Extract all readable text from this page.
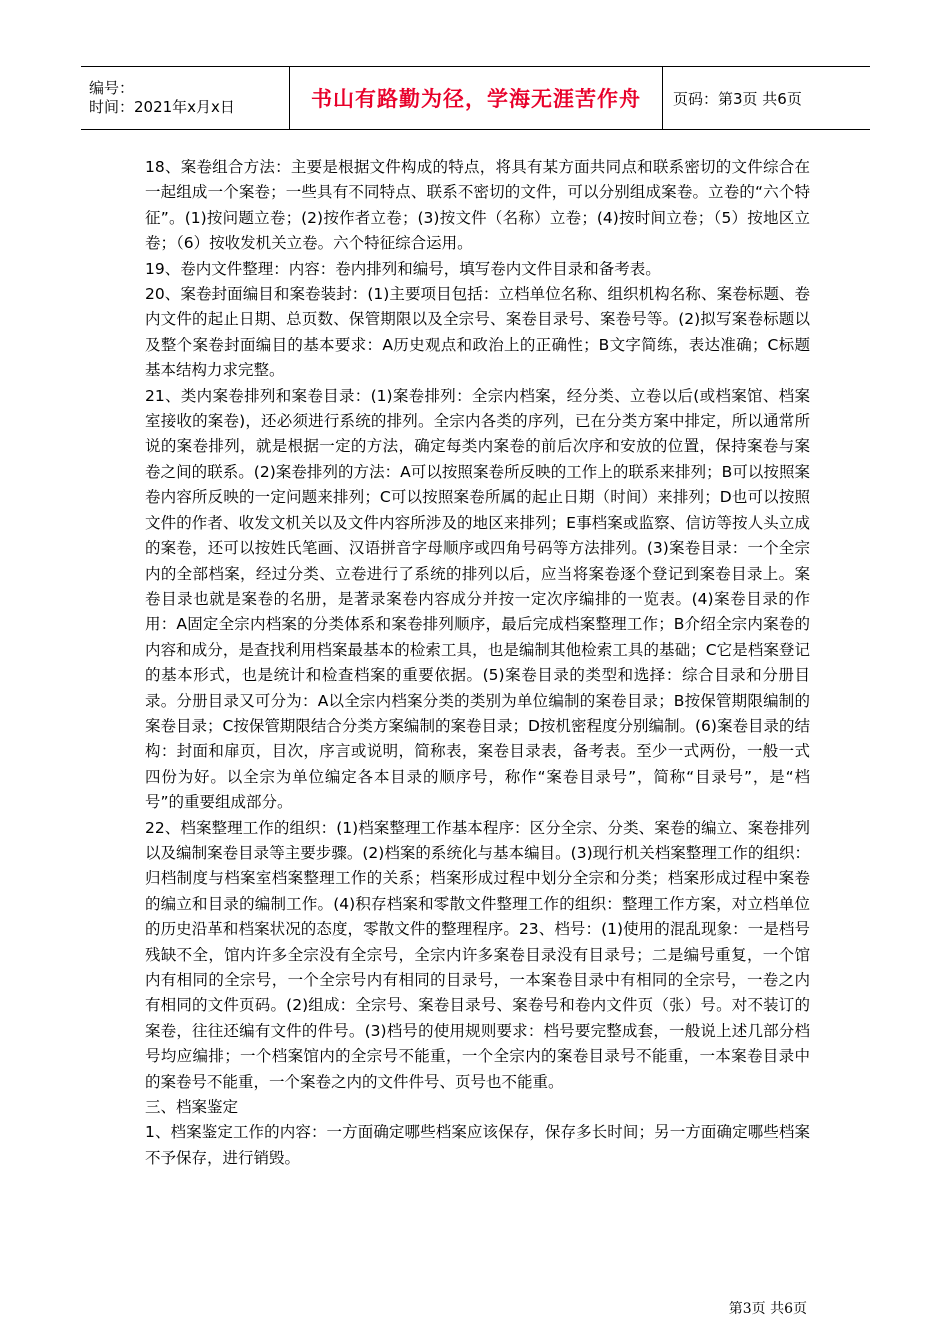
编号：
时间：2021年x月x日	书山有路勤为径，学海无涯苦作舟	页码：第3页 共6页

18、案卷组合方法：主要是根据文件构成的特点，将具有某方面共同点和联系密切的文件综合在一起组成一个案卷；一些具有不同特点、联系不密切的文件，可以分别组成案卷。立卷的“六个特征”。(1)按问题立卷；(2)按作者立卷；(3)按文件（名称）立卷；(4)按时间立卷；（5）按地区立卷；（6）按收发机关立卷。六个特征综合运用。

19、卷内文件整理：内容：卷内排列和编号，填写卷内文件目录和备考表。

20、案卷封面编目和案卷装封：(1)主要项目包括：立档单位名称、组织机构名称、案卷标题、卷内文件的起止日期、总页数、保管期限以及全宗号、案卷目录号、案卷号等。(2)拟写案卷标题以及整个案卷封面编目的基本要求：A历史观点和政治上的正确性；B文字简练，表达准确；C标题基本结构力求完整。

21、类内案卷排列和案卷目录：(1)案卷排列：全宗内档案，经分类、立卷以后(或档案馆、档案室接收的案卷)，还必须进行系统的排列。全宗内各类的序列，已在分类方案中排定，所以通常所说的案卷排列，就是根据一定的方法，确定每类内案卷的前后次序和安放的位置，保持案卷与案卷之间的联系。(2)案卷排列的方法：A可以按照案卷所反映的工作上的联系来排列；B可以按照案卷内容所反映的一定问题来排列；C可以按照案卷所属的起止日期（时间）来排列；D也可以按照文件的作者、收发文机关以及文件内容所涉及的地区来排列；E事档案或监察、信访等按人头立成的案卷，还可以按姓氏笔画、汉语拼音字母顺序或四角号码等方法排列。(3)案卷目录：一个全宗内的全部档案，经过分类、立卷进行了系统的排列以后，应当将案卷逐个登记到案卷目录上。案卷目录也就是案卷的名册，是著录案卷内容成分并按一定次序编排的一览表。(4)案卷目录的作用：A固定全宗内档案的分类体系和案卷排列顺序，最后完成档案整理工作；B介绍全宗内案卷的内容和成分，是查找利用档案最基本的检索工具，也是编制其他检索工具的基础；C它是档案登记的基本形式，也是统计和检查档案的重要依据。(5)案卷目录的类型和选择：综合目录和分册目录。分册目录又可分为：A以全宗内档案分类的类别为单位编制的案卷目录；B按保管期限编制的案卷目录；C按保管期限结合分类方案编制的案卷目录；D按机密程度分别编制。(6)案卷目录的结构：封面和扉页，目次，序言或说明，简称表，案卷目录表，备考表。至少一式两份，一般一式四份为好。以全宗为单位编定各本目录的顺序号，称作“案卷目录号”，简称“目录号”，是“档号”的重要组成部分。

22、档案整理工作的组织：(1)档案整理工作基本程序：区分全宗、分类、案卷的编立、案卷排列以及编制案卷目录等主要步骤。(2)档案的系统化与基本编目。(3)现行机关档案整理工作的组织：归档制度与档案室档案整理工作的关系；档案形成过程中划分全宗和分类；档案形成过程中案卷的编立和目录的编制工作。(4)积存档案和零散文件整理工作的组织：整理工作方案，对立档单位的历史沿革和档案状况的态度，零散文件的整理程序。23、档号：(1)使用的混乱现象：一是档号残缺不全，馆内许多全宗没有全宗号，全宗内许多案卷目录没有目录号；二是编号重复，一个馆内有相同的全宗号，一个全宗号内有相同的目录号，一本案卷目录中有相同的全宗号，一卷之内有相同的文件页码。(2)组成：全宗号、案卷目录号、案卷号和卷内文件页（张）号。对不装订的案卷，往往还编有文件的件号。(3)档号的使用规则要求：档号要完整成套，一般说上述几部分档号均应编排；一个档案馆内的全宗号不能重，一个全宗内的案卷目录号不能重，一本案卷目录中的案卷号不能重，一个案卷之内的文件件号、页号也不能重。

三、档案鉴定

1、档案鉴定工作的内容：一方面确定哪些档案应该保存，保存多长时间；另一方面确定哪些档案不予保存，进行销毁。

第3页 共6页
